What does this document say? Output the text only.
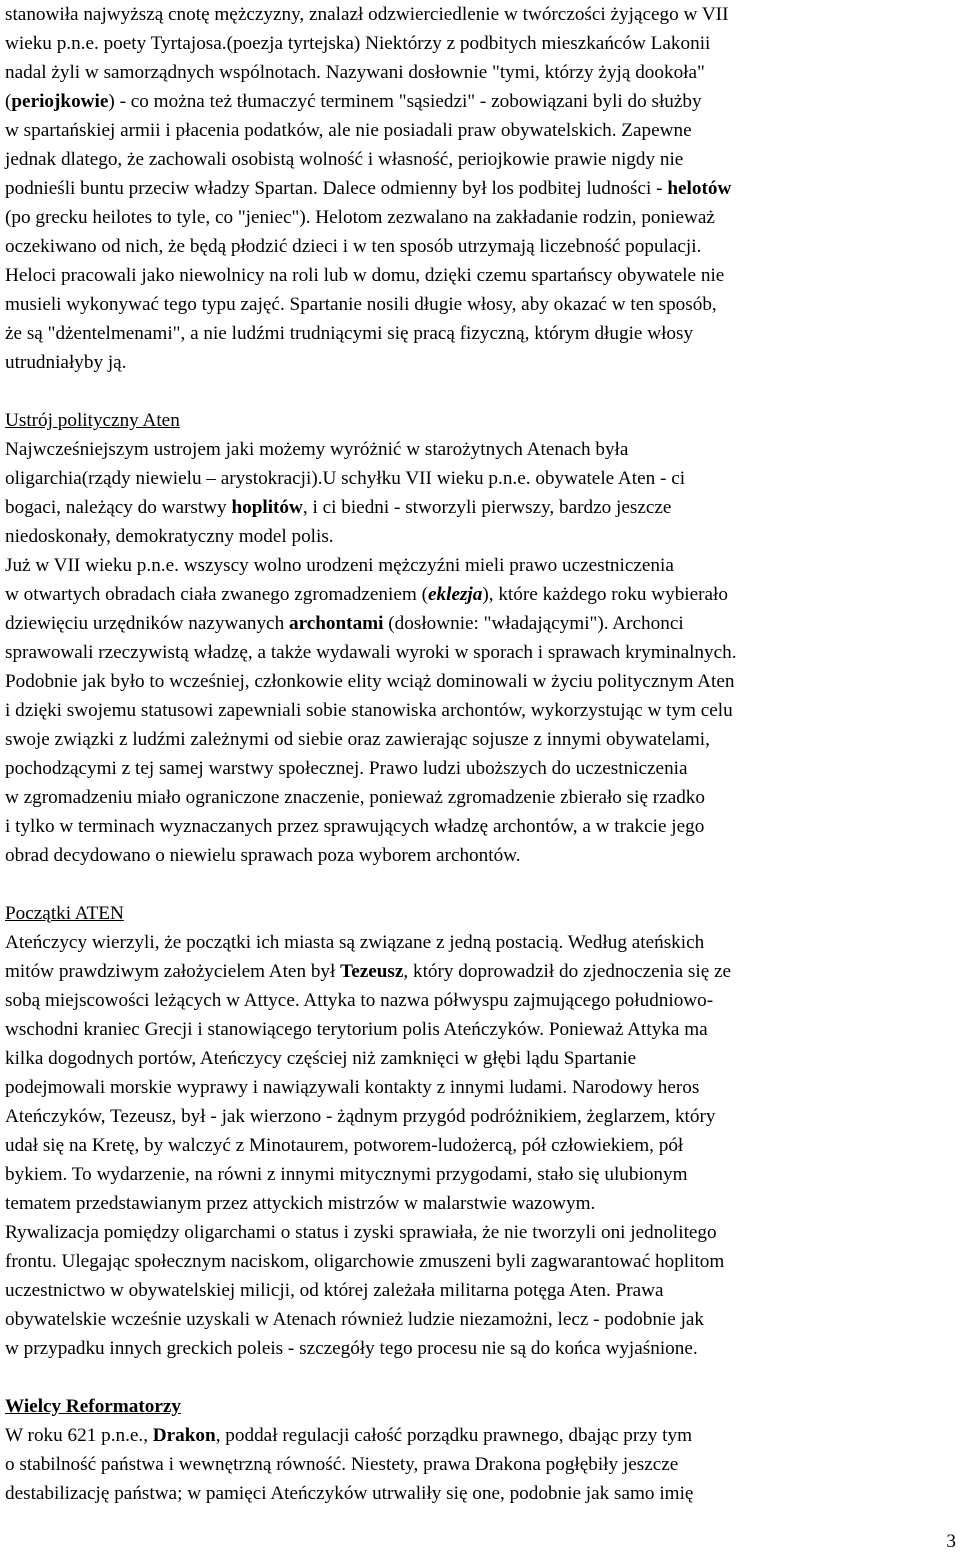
stanowiła najwyższą cnotę mężczyzny, znalazł odzwierciedlenie w twórczości żyjącego w VII
wieku p.n.e. poety Tyrtajosa.(poezja tyrtejska) Niektórzy z podbitych mieszkańców Lakonii
nadal żyli w samorządnych wspólnotach. Nazywani dosłownie "tymi, którzy żyją dookoła"
(periojkowie) - co można też tłumaczyć terminem "sąsiedzi" - zobowiązani byli do służby
w spartańskiej armii i płacenia podatków, ale nie posiadali praw obywatelskich. Zapewne
jednak dlatego, że zachowali osobistą wolność i własność, periojkowie prawie nigdy nie
podnieśli buntu przeciw władzy Spartan. Dalece odmienny był los podbitej ludności - helotów
(po grecku heilotes to tyle, co "jeniec"). Helotom zezwalano na zakładanie rodzin, ponieważ
oczekiwano od nich, że będą płodzić dzieci i w ten sposób utrzymają liczebność populacji.
Heloci pracowali jako niewolnicy na roli lub w domu, dzięki czemu spartańscy obywatele nie
musieli wykonywać tego typu zajęć. Spartanie nosili długie włosy, aby okazać w ten sposób,
że są "dżentelmenami", a nie ludźmi trudniącymi się pracą fizyczną, którym długie włosy
utrudniałyby ją.

Ustrój polityczny Aten

Najwcześniejszym ustrojem jaki możemy wyróżnić w starożytnych Atenach była
oligarchia(rządy niewielu – arystokracji).U schyłku VII wieku p.n.e. obywatele Aten - ci
bogaci, należący do warstwy hoplitów, i ci biedni - stworzyli pierwszy, bardzo jeszcze
niedoskonały, demokratyczny model polis.
Już w VII wieku p.n.e. wszyscy wolno urodzeni mężczyźni mieli prawo uczestniczenia
w otwartych obradach ciała zwanego zgromadzeniem (eklezja), które każdego roku wybierało
dziewięciu urzędników nazywanych archontami (dosłownie: "władającymi"). Archonci
sprawowali rzeczywistą władzę, a także wydawali wyroki w sporach i sprawach kryminalnych.
Podobnie jak było to wcześniej, członkowie elity wciąż dominowali w życiu politycznym Aten
i dzięki swojemu statusowi zapewniali sobie stanowiska archontów, wykorzystując w tym celu
swoje związki z ludźmi zależnymi od siebie oraz zawierając sojusze z innymi obywatelami,
pochodzącymi z tej samej warstwy społecznej. Prawo ludzi uboższych do uczestniczenia
w zgromadzeniu miało ograniczone znaczenie, ponieważ zgromadzenie zbierało się rzadko
i tylko w terminach wyznaczanych przez sprawujących władzę archontów, a w trakcie jego
obrad decydowano o niewielu sprawach poza wyborem archontów.

Początki ATEN

Ateńczycy wierzyli, że początki ich miasta są związane z jedną postacią. Według ateńskich
mitów prawdziwym założycielem Aten był Tezeusz, który doprowadził do zjednoczenia się ze
sobą miejscowości leżących w Attyce. Attyka to nazwa półwyspu zajmującego południowo-
wschodni kraniec Grecji i stanowiącego terytorium polis Ateńczyków. Ponieważ Attyka ma
kilka dogodnych portów, Ateńczycy częściej niż zamknięci w głębi lądu Spartanie
podejmowali morskie wyprawy i nawiązywali kontakty z innymi ludami. Narodowy heros
Ateńczyków, Tezeusz, był - jak wierzono - żądnym przygód podróżnikiem, żeglarzem, który
udał się na Kretę, by walczyć z Minotaurem, potworem-ludożercą, pół człowiekiem, pół
bykiem. To wydarzenie, na równi z innymi mitycznymi przygodami, stało się ulubionym
tematem przedstawianym przez attyckich mistrzów w malarstwie wazowym.
Rywalizacja pomiędzy oligarchami o status i zyski sprawiała, że nie tworzyli oni jednolitego
frontu. Ulegając społecznym naciskom, oligarchowie zmuszeni byli zagwarantować hoplitom
uczestnictwo w obywatelskiej milicji, od której zależała militarna potęga Aten. Prawa
obywatelskie wcześnie uzyskali w Atenach również ludzie niezamożni, lecz - podobnie jak
w przypadku innych greckich poleis - szczegóły tego procesu nie są do końca wyjaśnione.

Wielcy Reformatorzy

W roku 621 p.n.e., Drakon, poddał regulacji całość porządku prawnego, dbając przy tym
o stabilność państwa i wewnętrzną równość. Niestety, prawa Drakona pogłębiły jeszcze
destabilizację państwa; w pamięci Ateńczyków utrwaliły się one, podobnie jak samo imię

3
